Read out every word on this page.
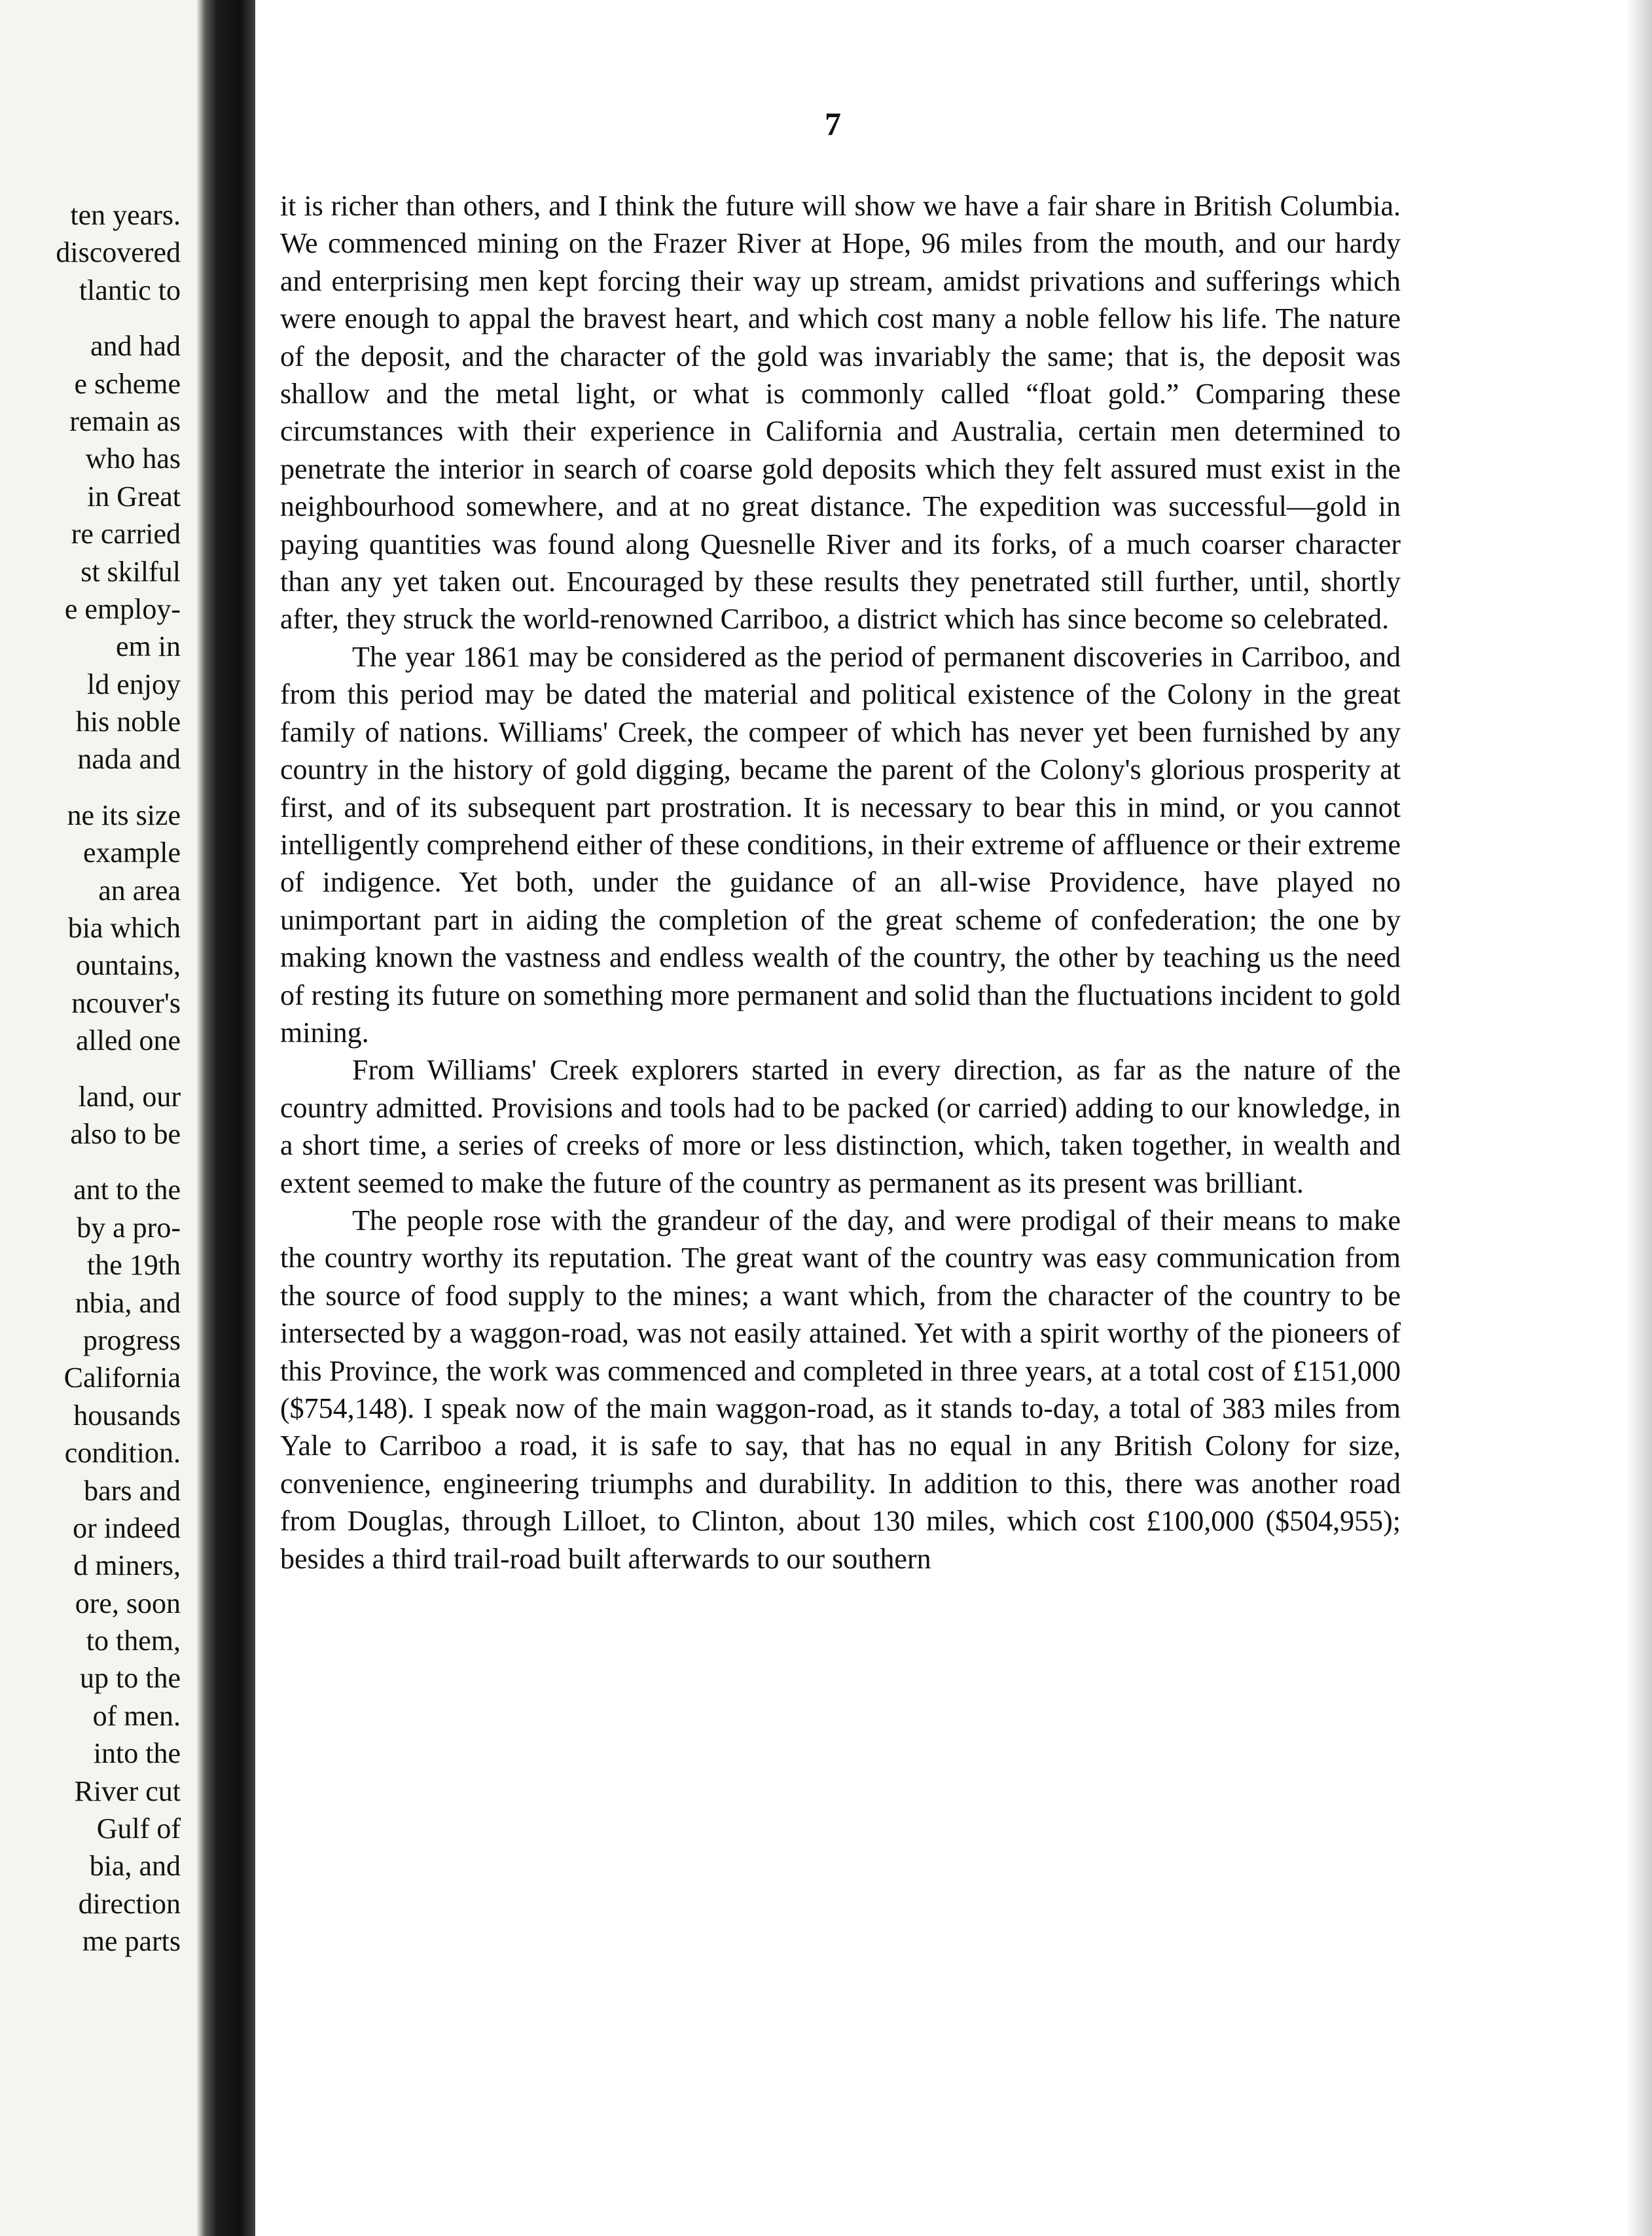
ten years.
discovered
tlantic to
and had
e scheme
remain as
who has
in Great
re carried
st skilful
e employ-
em in
ld enjoy
his noble
nada and
ne its size
example
an area
bia which
ountains,
ncouver's
alled one
land, our
also to be
ant to the
by a pro-
the 19th
nbia, and
progress
California
housands
condition.
bars and
or indeed
d miners,
ore, soon
to them,
up to the
of men.
into the
River cut
Gulf of
bia, and
direction
me parts
7

it is richer than others, and I think the future will show we have a fair share in British Columbia. We commenced mining on the Frazer River at Hope, 96 miles from the mouth, and our hardy and enterprising men kept forcing their way up stream, amidst privations and sufferings which were enough to appal the bravest heart, and which cost many a noble fellow his life. The nature of the deposit, and the character of the gold was invariably the same; that is, the deposit was shallow and the metal light, or what is commonly called “float gold.” Comparing these circumstances with their experience in California and Australia, certain men determined to penetrate the interior in search of coarse gold deposits which they felt assured must exist in the neighbourhood somewhere, and at no great distance. The expedition was successful—gold in paying quantities was found along Quesnelle River and its forks, of a much coarser character than any yet taken out. Encouraged by these results they penetrated still further, until, shortly after, they struck the world-renowned Carriboo, a district which has since become so celebrated.

The year 1861 may be considered as the period of permanent discoveries in Carriboo, and from this period may be dated the material and political existence of the Colony in the great family of nations. Williams' Creek, the compeer of which has never yet been furnished by any country in the history of gold digging, became the parent of the Colony's glorious prosperity at first, and of its subsequent part prostration. It is necessary to bear this in mind, or you cannot intelligently comprehend either of these conditions, in their extreme of affluence or their extreme of indigence. Yet both, under the guidance of an all-wise Providence, have played no unimportant part in aiding the completion of the great scheme of confederation; the one by making known the vastness and endless wealth of the country, the other by teaching us the need of resting its future on something more permanent and solid than the fluctuations incident to gold mining.

From Williams' Creek explorers started in every direction, as far as the nature of the country admitted. Provisions and tools had to be packed (or carried) adding to our knowledge, in a short time, a series of creeks of more or less distinction, which, taken together, in wealth and extent seemed to make the future of the country as permanent as its present was brilliant.

The people rose with the grandeur of the day, and were prodigal of their means to make the country worthy its reputation. The great want of the country was easy communication from the source of food supply to the mines; a want which, from the character of the country to be intersected by a waggon-road, was not easily attained. Yet with a spirit worthy of the pioneers of this Province, the work was commenced and completed in three years, at a total cost of £151,000 ($754,148). I speak now of the main waggon-road, as it stands to-day, a total of 383 miles from Yale to Carriboo a road, it is safe to say, that has no equal in any British Colony for size, convenience, engineering triumphs and durability. In addition to this, there was another road from Douglas, through Lilloet, to Clinton, about 130 miles, which cost £100,000 ($504,955); besides a third trail-road built afterwards to our southern
